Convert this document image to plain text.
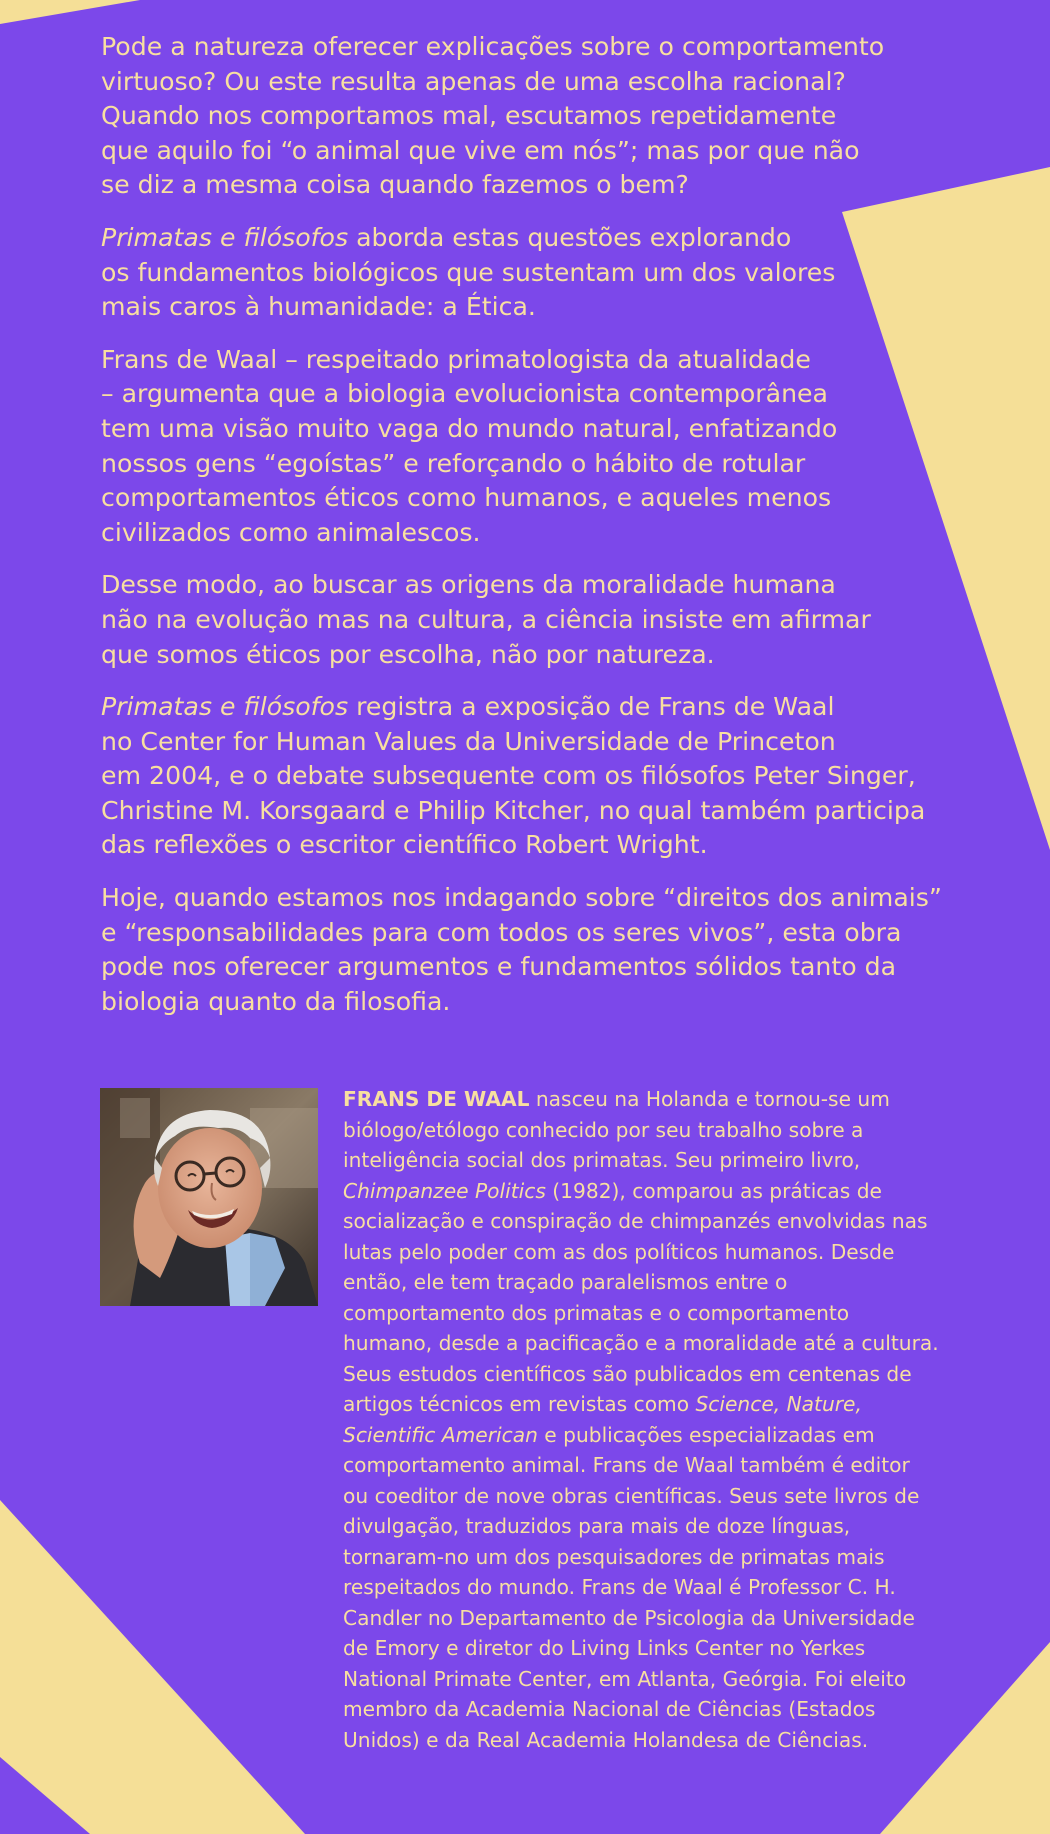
Pode a natureza oferecer explicações sobre o comportamento
virtuoso? Ou este resulta apenas de uma escolha racional?
Quando nos comportamos mal, escutamos repetidamente
que aquilo foi “o animal que vive em nós”; mas por que não
se diz a mesma coisa quando fazemos o bem?

Primatas e filósofos aborda estas questões explorando
os fundamentos biológicos que sustentam um dos valores
mais caros à humanidade: a Ética.

Frans de Waal – respeitado primatologista da atualidade
– argumenta que a biologia evolucionista contemporânea
tem uma visão muito vaga do mundo natural, enfatizando
nossos gens “egoístas” e reforçando o hábito de rotular
comportamentos éticos como humanos, e aqueles menos
civilizados como animalescos.

Desse modo, ao buscar as origens da moralidade humana
não na evolução mas na cultura, a ciência insiste em afirmar
que somos éticos por escolha, não por natureza.

Primatas e filósofos registra a exposição de Frans de Waal
no Center for Human Values da Universidade de Princeton
em 2004, e o debate subsequente com os filósofos Peter Singer,
Christine M. Korsgaard e Philip Kitcher, no qual também participa
das reflexões o escritor científico Robert Wright.

Hoje, quando estamos nos indagando sobre “direitos dos animais”
e “responsabilidades para com todos os seres vivos”, esta obra
pode nos oferecer argumentos e fundamentos sólidos tanto da
biologia quanto da filosofia.

FRANS DE WAAL nasceu na Holanda e tornou-se um
biólogo/etólogo conhecido por seu trabalho sobre a
inteligência social dos primatas. Seu primeiro livro,
Chimpanzee Politics (1982), comparou as práticas de
socialização e conspiração de chimpanzés envolvidas nas
lutas pelo poder com as dos políticos humanos. Desde
então, ele tem traçado paralelismos entre o
comportamento dos primatas e o comportamento
humano, desde a pacificação e a moralidade até a cultura.
Seus estudos científicos são publicados em centenas de
artigos técnicos em revistas como Science, Nature,
Scientific American e publicações especializadas em
comportamento animal. Frans de Waal também é editor
ou coeditor de nove obras científicas. Seus sete livros de
divulgação, traduzidos para mais de doze línguas,
tornaram-no um dos pesquisadores de primatas mais
respeitados do mundo. Frans de Waal é Professor C. H.
Candler no Departamento de Psicologia da Universidade
de Emory e diretor do Living Links Center no Yerkes
National Primate Center, em Atlanta, Geórgia. Foi eleito
membro da Academia Nacional de Ciências (Estados
Unidos) e da Real Academia Holandesa de Ciências.
